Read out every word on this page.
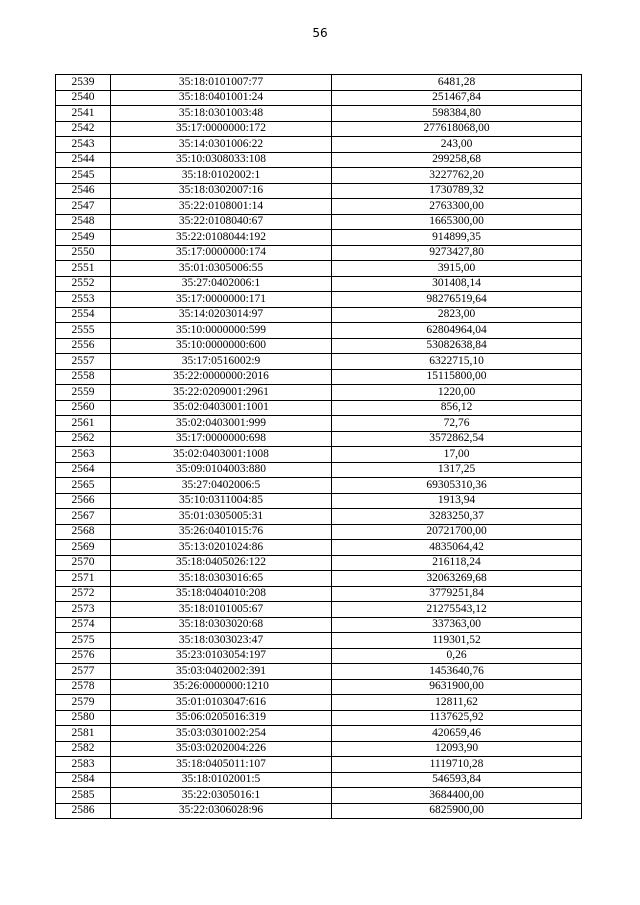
56
2539	35:18:0101007:77	6481,28
2540	35:18:0401001:24	251467,84
2541	35:18:0301003:48	598384,80
2542	35:17:0000000:172	277618068,00
2543	35:14:0301006:22	243,00
2544	35:10:0308033:108	299258,68
2545	35:18:0102002:1	3227762,20
2546	35:18:0302007:16	1730789,32
2547	35:22:0108001:14	2763300,00
2548	35:22:0108040:67	1665300,00
2549	35:22:0108044:192	914899,35
2550	35:17:0000000:174	9273427,80
2551	35:01:0305006:55	3915,00
2552	35:27:0402006:1	301408,14
2553	35:17:0000000:171	98276519,64
2554	35:14:0203014:97	2823,00
2555	35:10:0000000:599	62804964,04
2556	35:10:0000000:600	53082638,84
2557	35:17:0516002:9	6322715,10
2558	35:22:0000000:2016	15115800,00
2559	35:22:0209001:2961	1220,00
2560	35:02:0403001:1001	856,12
2561	35:02:0403001:999	72,76
2562	35:17:0000000:698	3572862,54
2563	35:02:0403001:1008	17,00
2564	35:09:0104003:880	1317,25
2565	35:27:0402006:5	69305310,36
2566	35:10:0311004:85	1913,94
2567	35:01:0305005:31	3283250,37
2568	35:26:0401015:76	20721700,00
2569	35:13:0201024:86	4835064,42
2570	35:18:0405026:122	216118,24
2571	35:18:0303016:65	32063269,68
2572	35:18:0404010:208	3779251,84
2573	35:18:0101005:67	21275543,12
2574	35:18:0303020:68	337363,00
2575	35:18:0303023:47	119301,52
2576	35:23:0103054:197	0,26
2577	35:03:0402002:391	1453640,76
2578	35:26:0000000:1210	9631900,00
2579	35:01:0103047:616	12811,62
2580	35:06:0205016:319	1137625,92
2581	35:03:0301002:254	420659,46
2582	35:03:0202004:226	12093,90
2583	35:18:0405011:107	1119710,28
2584	35:18:0102001:5	546593,84
2585	35:22:0305016:1	3684400,00
2586	35:22:0306028:96	6825900,00
